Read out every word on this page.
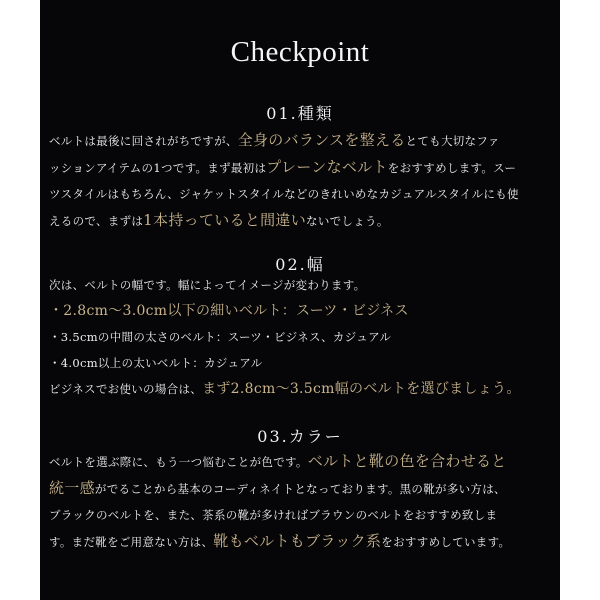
Checkpoint
01.種類
ベルトは最後に回されがちですが、全身のバランスを整えるとても大切なファ
ッションアイテムの1つです。まず最初はプレーンなベルトをおすすめします。スー
ツスタイルはもちろん、ジャケットスタイルなどのきれいめなカジュアルスタイルにも使
えるので、まずは1本持っていると間違いないでしょう。
02.幅
次は、ベルトの幅です。幅によってイメージが変わります。
・2.8cm〜3.0cm以下の細いベルト：スーツ・ビジネス
・3.5cmの中間の太さのベルト：スーツ・ビジネス、カジュアル
・4.0cm以上の太いベルト：カジュアル
ビジネスでお使いの場合は、まず2.8cm〜3.5cm幅のベルトを選びましょう。
03.カラー
ベルトを選ぶ際に、もう一つ悩むことが色です。ベルトと靴の色を合わせると
統一感がでることから基本のコーディネイトとなっております。黒の靴が多い方は、
ブラックのベルトを、また、茶系の靴が多ければブラウンのベルトをおすすめ致しま
す。まだ靴をご用意ない方は、靴もベルトもブラック系をおすすめしています。
